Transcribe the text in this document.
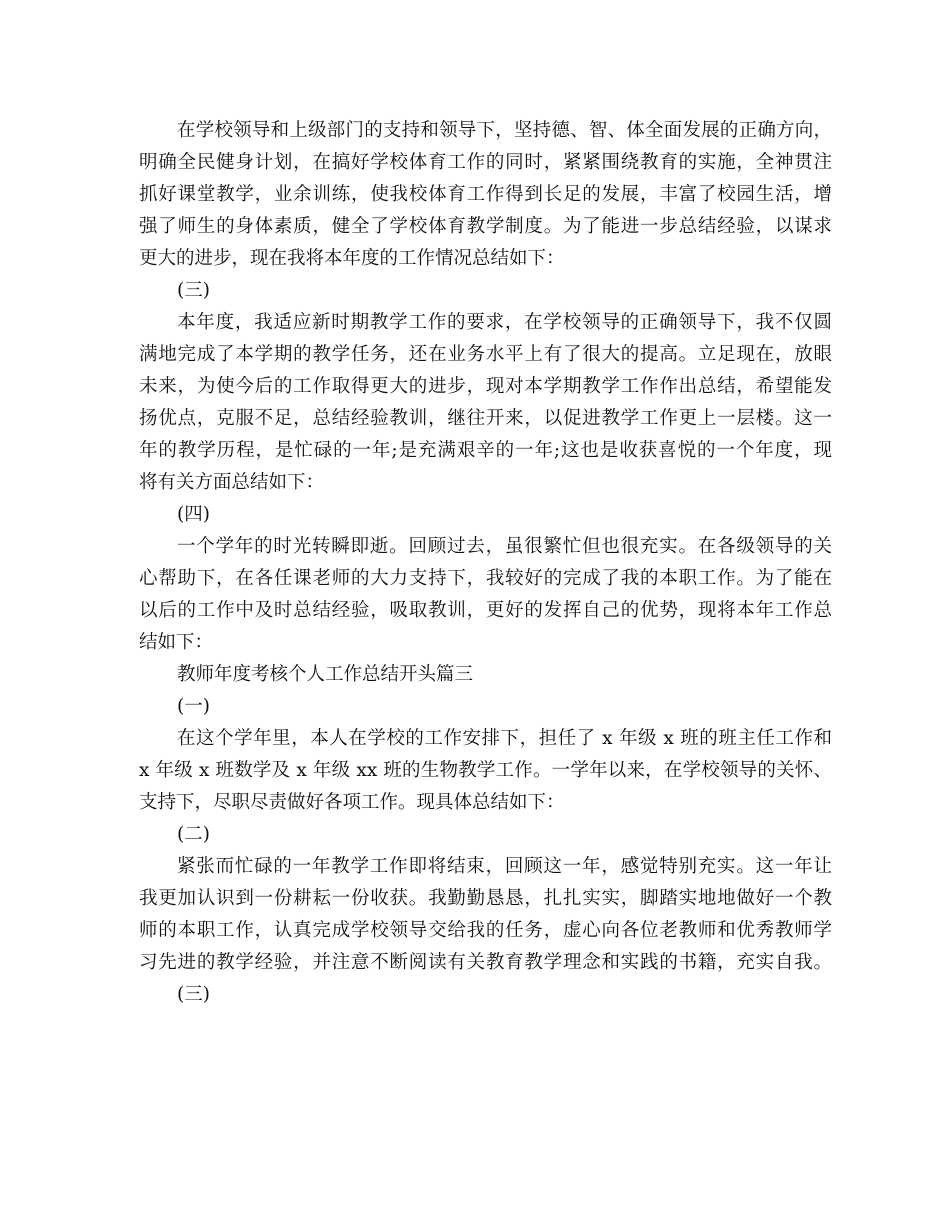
在学校领导和上级部门的支持和领导下，坚持德、智、体全面发展的正确方向，
明确全民健身计划，在搞好学校体育工作的同时，紧紧围绕教育的实施，全神贯注
抓好课堂教学，业余训练，使我校体育工作得到长足的发展，丰富了校园生活，增
强了师生的身体素质，健全了学校体育教学制度。为了能进一步总结经验，以谋求
更大的进步，现在我将本年度的工作情况总结如下：
(三)
本年度，我适应新时期教学工作的要求，在学校领导的正确领导下，我不仅圆
满地完成了本学期的教学任务，还在业务水平上有了很大的提高。立足现在，放眼
未来，为使今后的工作取得更大的进步，现对本学期教学工作作出总结，希望能发
扬优点，克服不足，总结经验教训，继往开来，以促进教学工作更上一层楼。这一
年的教学历程，是忙碌的一年;是充满艰辛的一年;这也是收获喜悦的一个年度，现
将有关方面总结如下：
(四)
一个学年的时光转瞬即逝。回顾过去，虽很繁忙但也很充实。在各级领导的关
心帮助下，在各任课老师的大力支持下，我较好的完成了我的本职工作。为了能在
以后的工作中及时总结经验，吸取教训，更好的发挥自己的优势，现将本年工作总
结如下：
教师年度考核个人工作总结开头篇三
(一)
在这个学年里，本人在学校的工作安排下，担任了 x 年级 x 班的班主任工作和
x 年级 x 班数学及 x 年级 xx 班的生物教学工作。一学年以来，在学校领导的关怀、
支持下，尽职尽责做好各项工作。现具体总结如下：
(二)
紧张而忙碌的一年教学工作即将结束，回顾这一年，感觉特别充实。这一年让
我更加认识到一份耕耘一份收获。我勤勤恳恳，扎扎实实，脚踏实地地做好一个教
师的本职工作，认真完成学校领导交给我的任务，虚心向各位老教师和优秀教师学
习先进的教学经验，并注意不断阅读有关教育教学理念和实践的书籍，充实自我。
(三)
